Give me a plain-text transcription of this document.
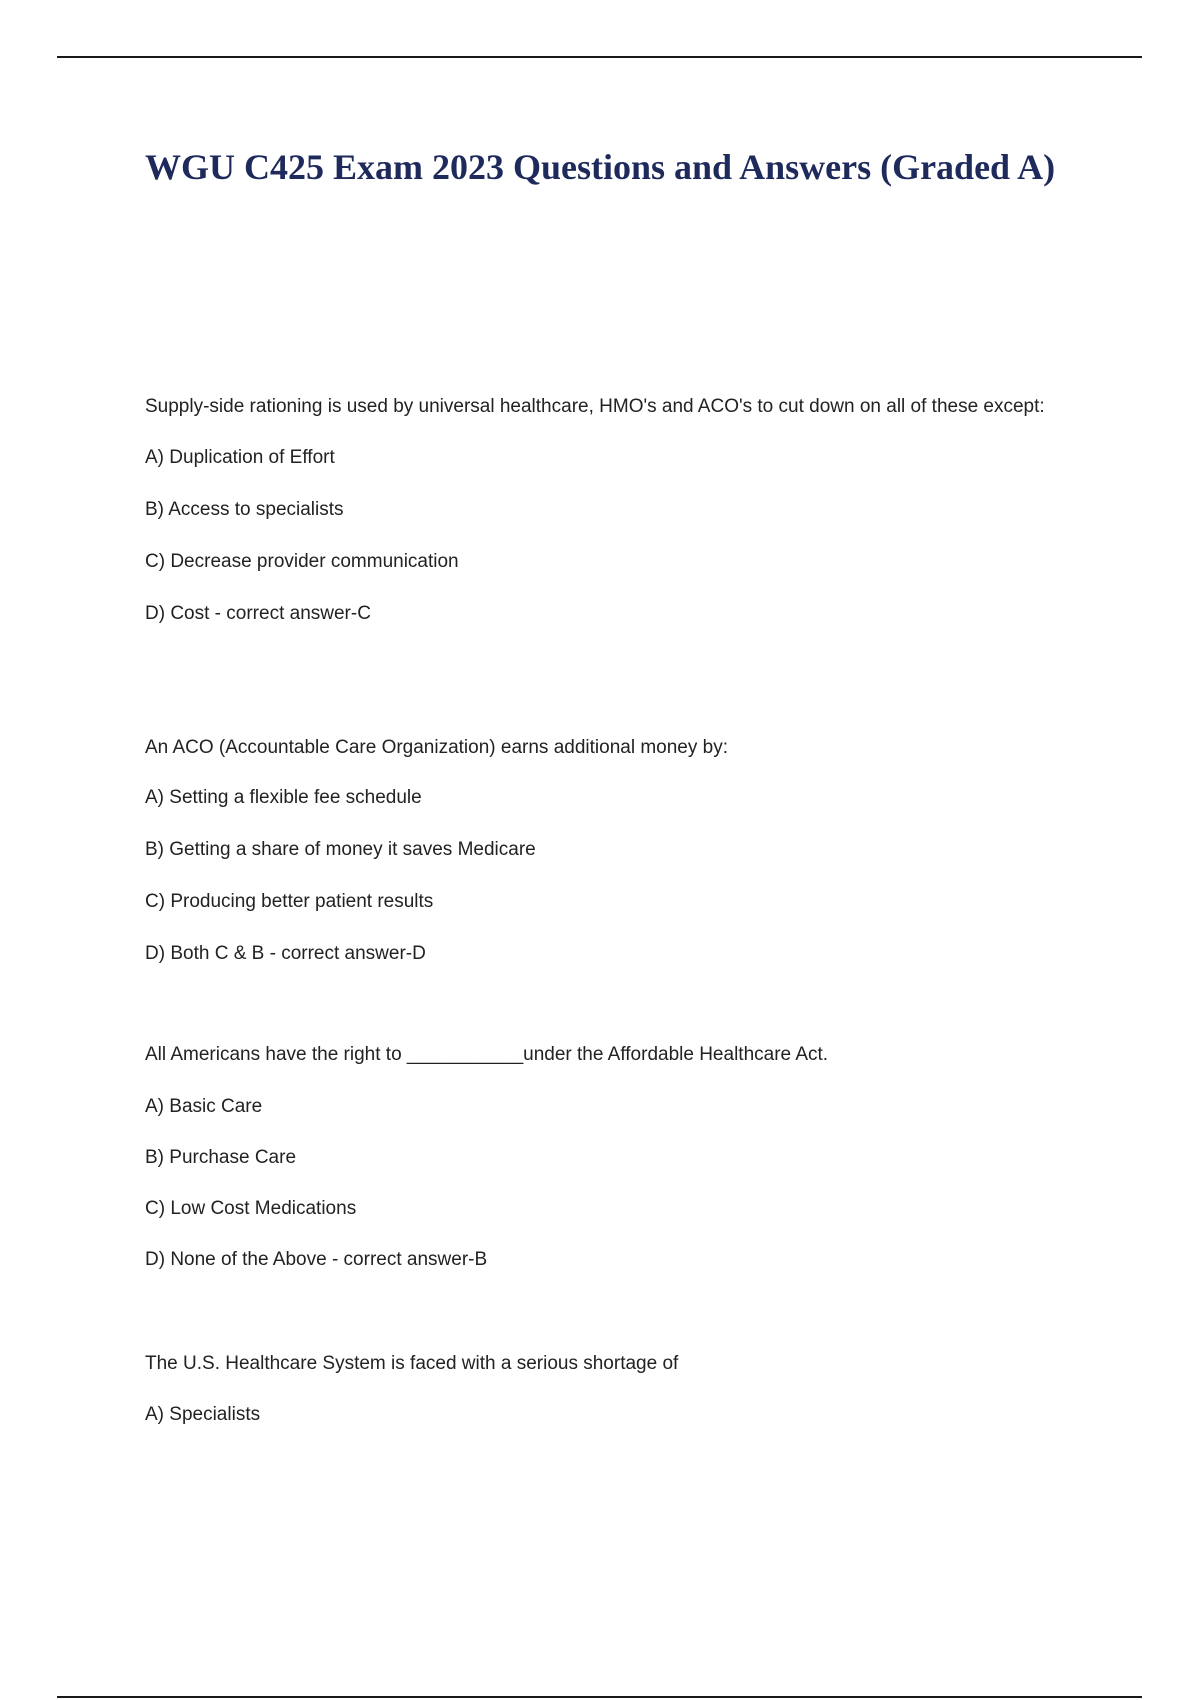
WGU C425 Exam 2023 Questions and Answers (Graded A)

Supply-side rationing is used by universal healthcare, HMO's and ACO's to cut down on all of these except:

A) Duplication of Effort

B) Access to specialists

C) Decrease provider communication

D) Cost - correct answer-C

An ACO (Accountable Care Organization) earns additional money by:

A) Setting a flexible fee schedule

B) Getting a share of money it saves Medicare

C) Producing better patient results

D) Both C & B - correct answer-D

All Americans have the right to ___________under the Affordable Healthcare Act.

A) Basic Care

B) Purchase Care

C) Low Cost Medications

D) None of the Above - correct answer-B

The U.S. Healthcare System is faced with a serious shortage of

A) Specialists
